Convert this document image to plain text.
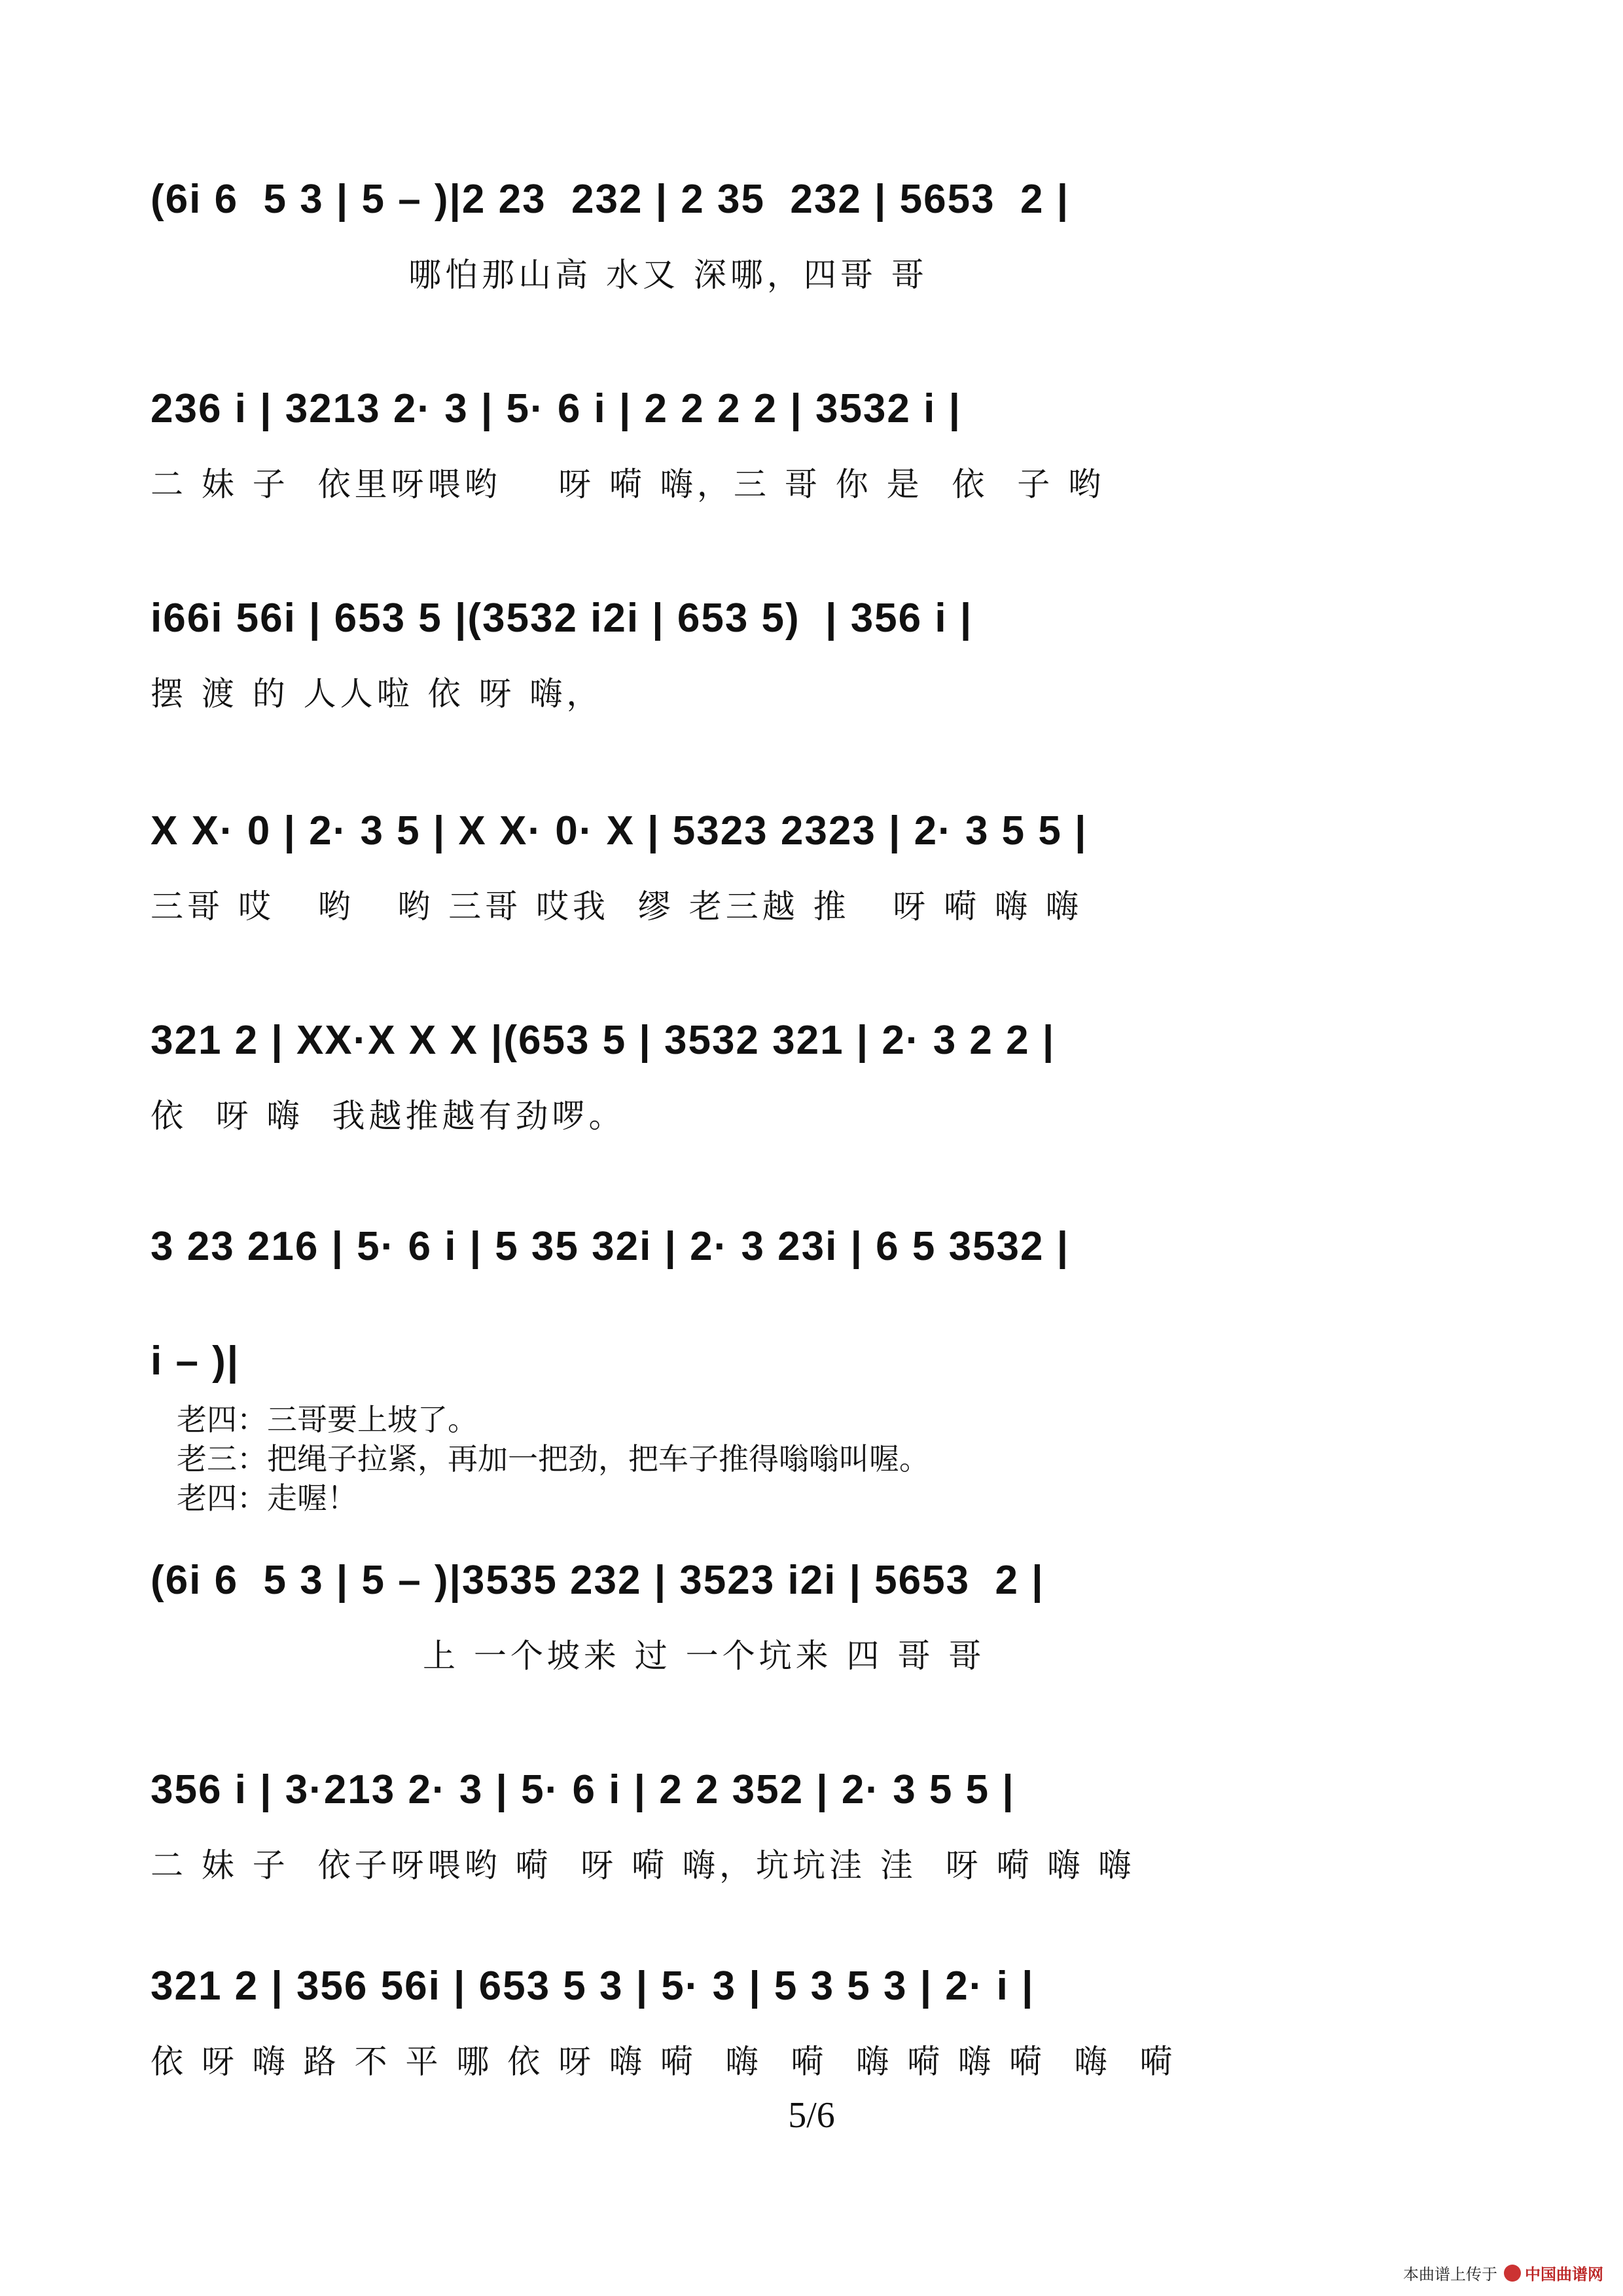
(6i 6  5 3 | 5 – )|2 23  232 | 2 35  232 | 5653  2 |
哪怕那山高 水又 深哪，四哥 哥
236 i | 3213 2· 3 | 5· 6 i | 2 2 2 2 | 3532 i |
二 妹 子  依里呀喂哟    呀 嗬 嗨，三 哥 你 是  依  子 哟
i66i 56i | 653 5 |(3532 i2i | 653 5)  | 356 i |
摆 渡 的 人人啦 依 呀 嗨，
X X· 0 | 2· 3 5 | X X· 0· X | 5323 2323 | 2· 3 5 5 |
三哥 哎   哟   哟 三哥 哎我  缪 老三越 推   呀 嗬 嗨 嗨
321 2 | XX·X X X |(653 5 | 3532 321 | 2· 3 2 2 |
依  呀 嗨  我越推越有劲啰。
3 23 216 | 5· 6 i | 5 35 32i | 2· 3 23i | 6 5 3532 |
i – )|
老四：三哥要上坡了。
老三：把绳子拉紧，再加一把劲，把车子推得嗡嗡叫喔。
老四：走喔！
(6i 6  5 3 | 5 – )|3535 232 | 3523 i2i | 5653  2 |
上 一个坡来 过 一个坑来 四 哥 哥
356 i | 3·213 2· 3 | 5· 6 i | 2 2 352 | 2· 3 5 5 |
二 妹 子  依子呀喂哟 嗬  呀 嗬 嗨，坑坑洼 洼  呀 嗬 嗨 嗨
321 2 | 356 56i | 653 5 3 | 5· 3 | 5 3 5 3 | 2· i |
依 呀 嗨 路 不 平 哪 依 呀 嗨 嗬  嗨  嗬  嗨 嗬 嗨 嗬  嗨  嗬
5/6
本曲谱上传于 中国曲谱网
